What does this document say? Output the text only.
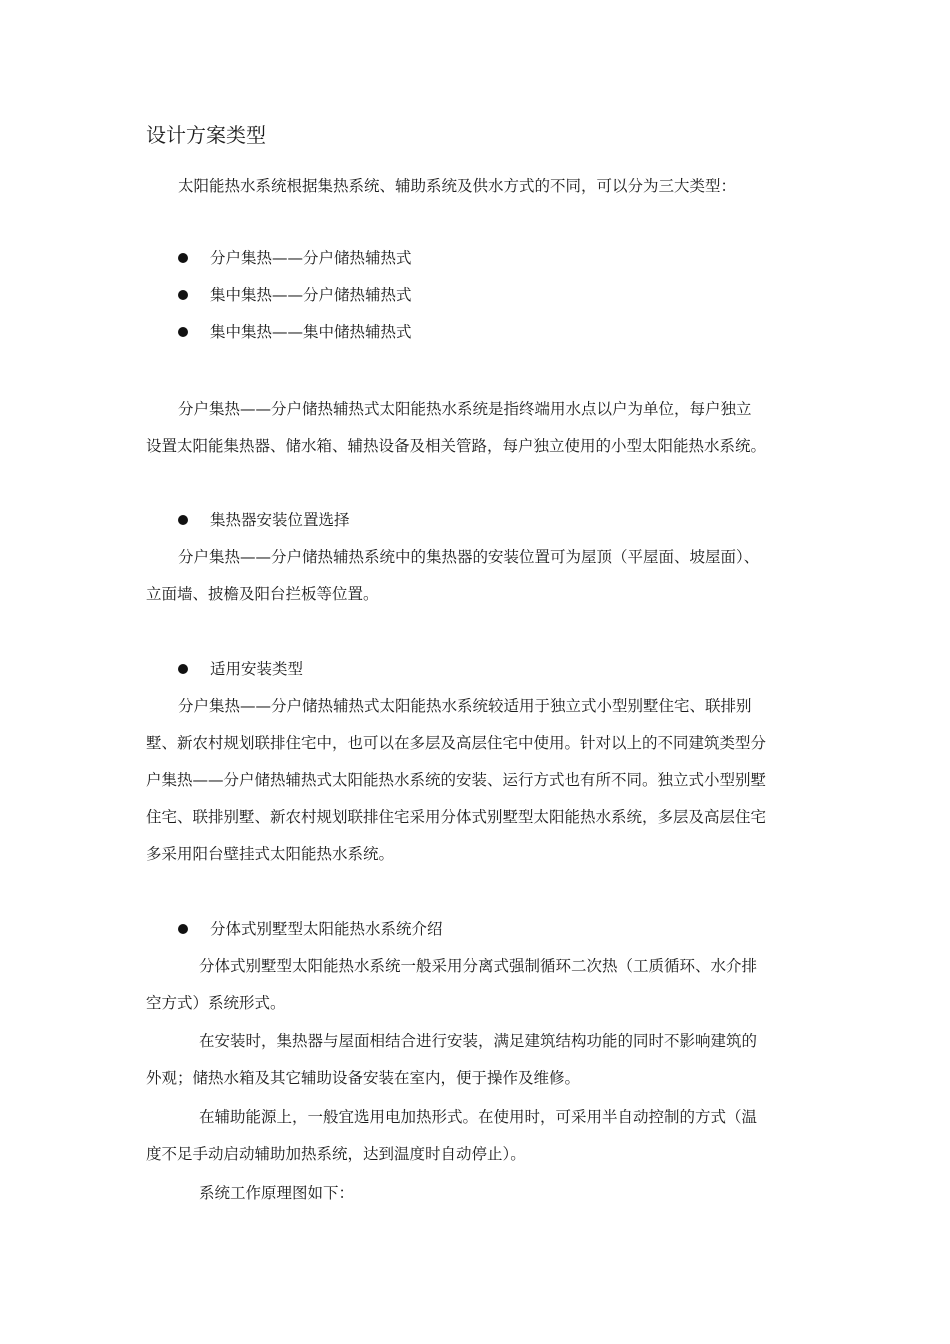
设计方案类型
太阳能热水系统根据集热系统、辅助系统及供水方式的不同，可以分为三大类型：
分户集热——分户储热辅热式
集中集热——分户储热辅热式
集中集热——集中储热辅热式
分户集热——分户储热辅热式太阳能热水系统是指终端用水点以户为单位，每户独立
设置太阳能集热器、储水箱、辅热设备及相关管路，每户独立使用的小型太阳能热水系统。
集热器安装位置选择
分户集热——分户储热辅热系统中的集热器的安装位置可为屋顶（平屋面、坡屋面）、
立面墙、披檐及阳台拦板等位置。
适用安装类型
分户集热——分户储热辅热式太阳能热水系统较适用于独立式小型别墅住宅、联排别
墅、新农村规划联排住宅中，也可以在多层及高层住宅中使用。针对以上的不同建筑类型分
户集热——分户储热辅热式太阳能热水系统的安装、运行方式也有所不同。独立式小型别墅
住宅、联排别墅、新农村规划联排住宅采用分体式别墅型太阳能热水系统，多层及高层住宅
多采用阳台壁挂式太阳能热水系统。
分体式别墅型太阳能热水系统介绍
分体式别墅型太阳能热水系统一般采用分离式强制循环二次热（工质循环、水介排
空方式）系统形式。
在安装时，集热器与屋面相结合进行安装，满足建筑结构功能的同时不影响建筑的
外观；储热水箱及其它辅助设备安装在室内，便于操作及维修。
在辅助能源上，一般宜选用电加热形式。在使用时，可采用半自动控制的方式（温
度不足手动启动辅助加热系统，达到温度时自动停止）。
系统工作原理图如下：
